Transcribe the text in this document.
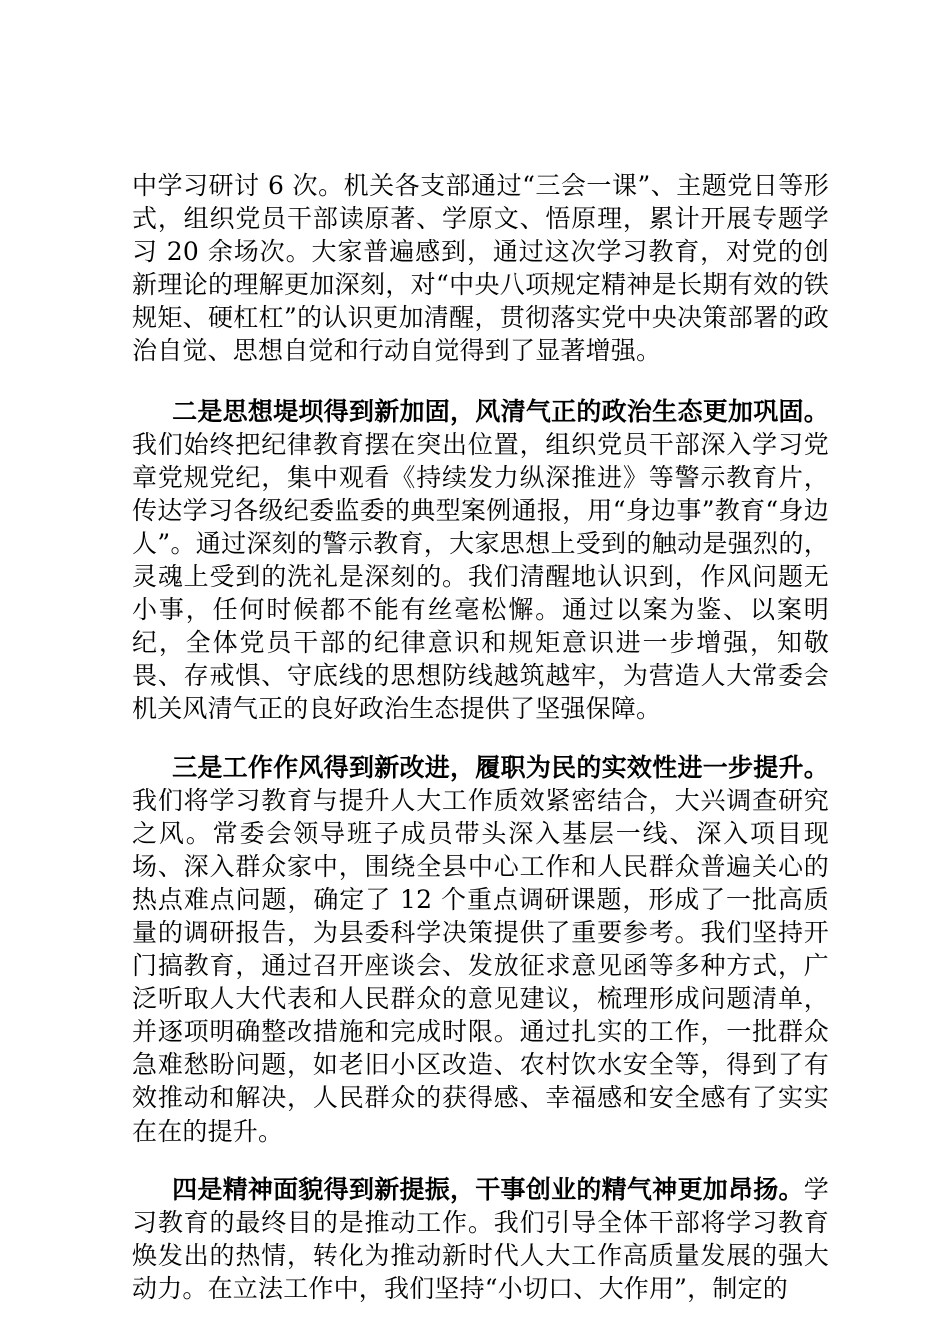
中学习研讨 6 次。机关各支部通过“三会一课”、主题党日等形式，组织党员干部读原著、学原文、悟原理，累计开展专题学习 20 余场次。大家普遍感到，通过这次学习教育，对党的创新理论的理解更加深刻，对“中央八项规定精神是长期有效的铁规矩、硬杠杠”的认识更加清醒，贯彻落实党中央决策部署的政治自觉、思想自觉和行动自觉得到了显著增强。

二是思想堤坝得到新加固，风清气正的政治生态更加巩固。我们始终把纪律教育摆在突出位置，组织党员干部深入学习党章党规党纪，集中观看《持续发力纵深推进》等警示教育片，传达学习各级纪委监委的典型案例通报，用“身边事”教育“身边人”。通过深刻的警示教育，大家思想上受到的触动是强烈的，灵魂上受到的洗礼是深刻的。我们清醒地认识到，作风问题无小事，任何时候都不能有丝毫松懈。通过以案为鉴、以案明纪，全体党员干部的纪律意识和规矩意识进一步增强，知敬畏、存戒惧、守底线的思想防线越筑越牢，为营造人大常委会机关风清气正的良好政治生态提供了坚强保障。

三是工作作风得到新改进，履职为民的实效性进一步提升。我们将学习教育与提升人大工作质效紧密结合，大兴调查研究之风。常委会领导班子成员带头深入基层一线、深入项目现场、深入群众家中，围绕全县中心工作和人民群众普遍关心的热点难点问题，确定了 12 个重点调研课题，形成了一批高质量的调研报告，为县委科学决策提供了重要参考。我们坚持开门搞教育，通过召开座谈会、发放征求意见函等多种方式，广泛听取人大代表和人民群众的意见建议，梳理形成问题清单，并逐项明确整改措施和完成时限。通过扎实的工作，一批群众急难愁盼问题，如老旧小区改造、农村饮水安全等，得到了有效推动和解决，人民群众的获得感、幸福感和安全感有了实实在在的提升。

四是精神面貌得到新提振，干事创业的精气神更加昂扬。学习教育的最终目的是推动工作。我们引导全体干部将学习教育焕发出的热情，转化为推动新时代人大工作高质量发展的强大动力。在立法工作中，我们坚持“小切口、大作用”，制定的
